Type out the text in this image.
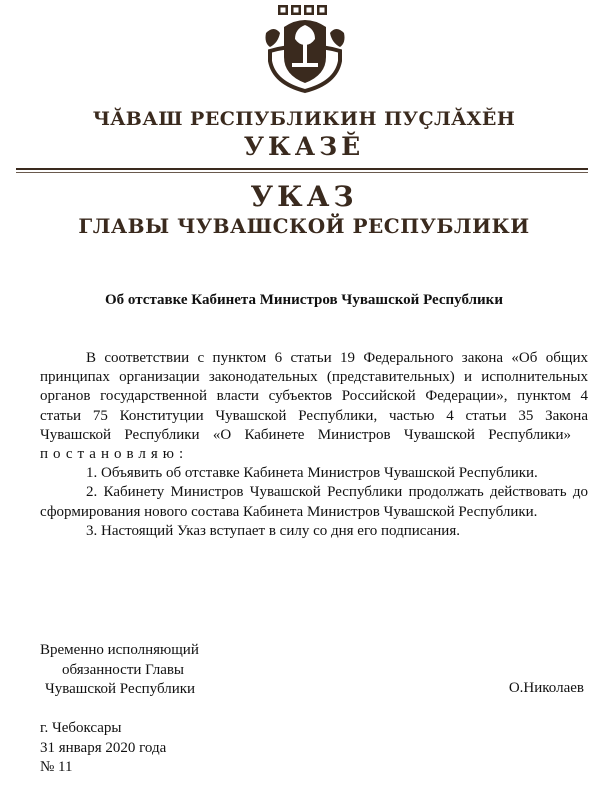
ЧĂВАШ РЕСПУБЛИКИН ПУÇЛĂХĔН
УКАЗĔ
УКАЗ
ГЛАВЫ ЧУВАШСКОЙ РЕСПУБЛИКИ
Об отставке Кабинета Министров Чувашской Республики

В соответствии с пунктом 6 статьи 19 Федерального закона «Об общих принципах организации законодательных (представительных) и исполнительных органов государственной власти субъектов Российской Федерации», пунктом 4 статьи 75 Конституции Чувашской Республики, частью 4 статьи 35 Закона Чувашской Республики «О Кабинете Министров Чувашской Республики»   постановляю:

1. Объявить об отставке Кабинета Министров Чувашской Республики.

2. Кабинету Министров Чувашской Республики продолжать действовать до сформирования нового состава Кабинета Министров Чувашской Республики.

3. Настоящий Указ вступает в силу со дня его подписания.

Временно исполняющий
обязанности Главы
Чувашской Республики	О.Николаев
г. Чебоксары
31 января 2020 года
№ 11
